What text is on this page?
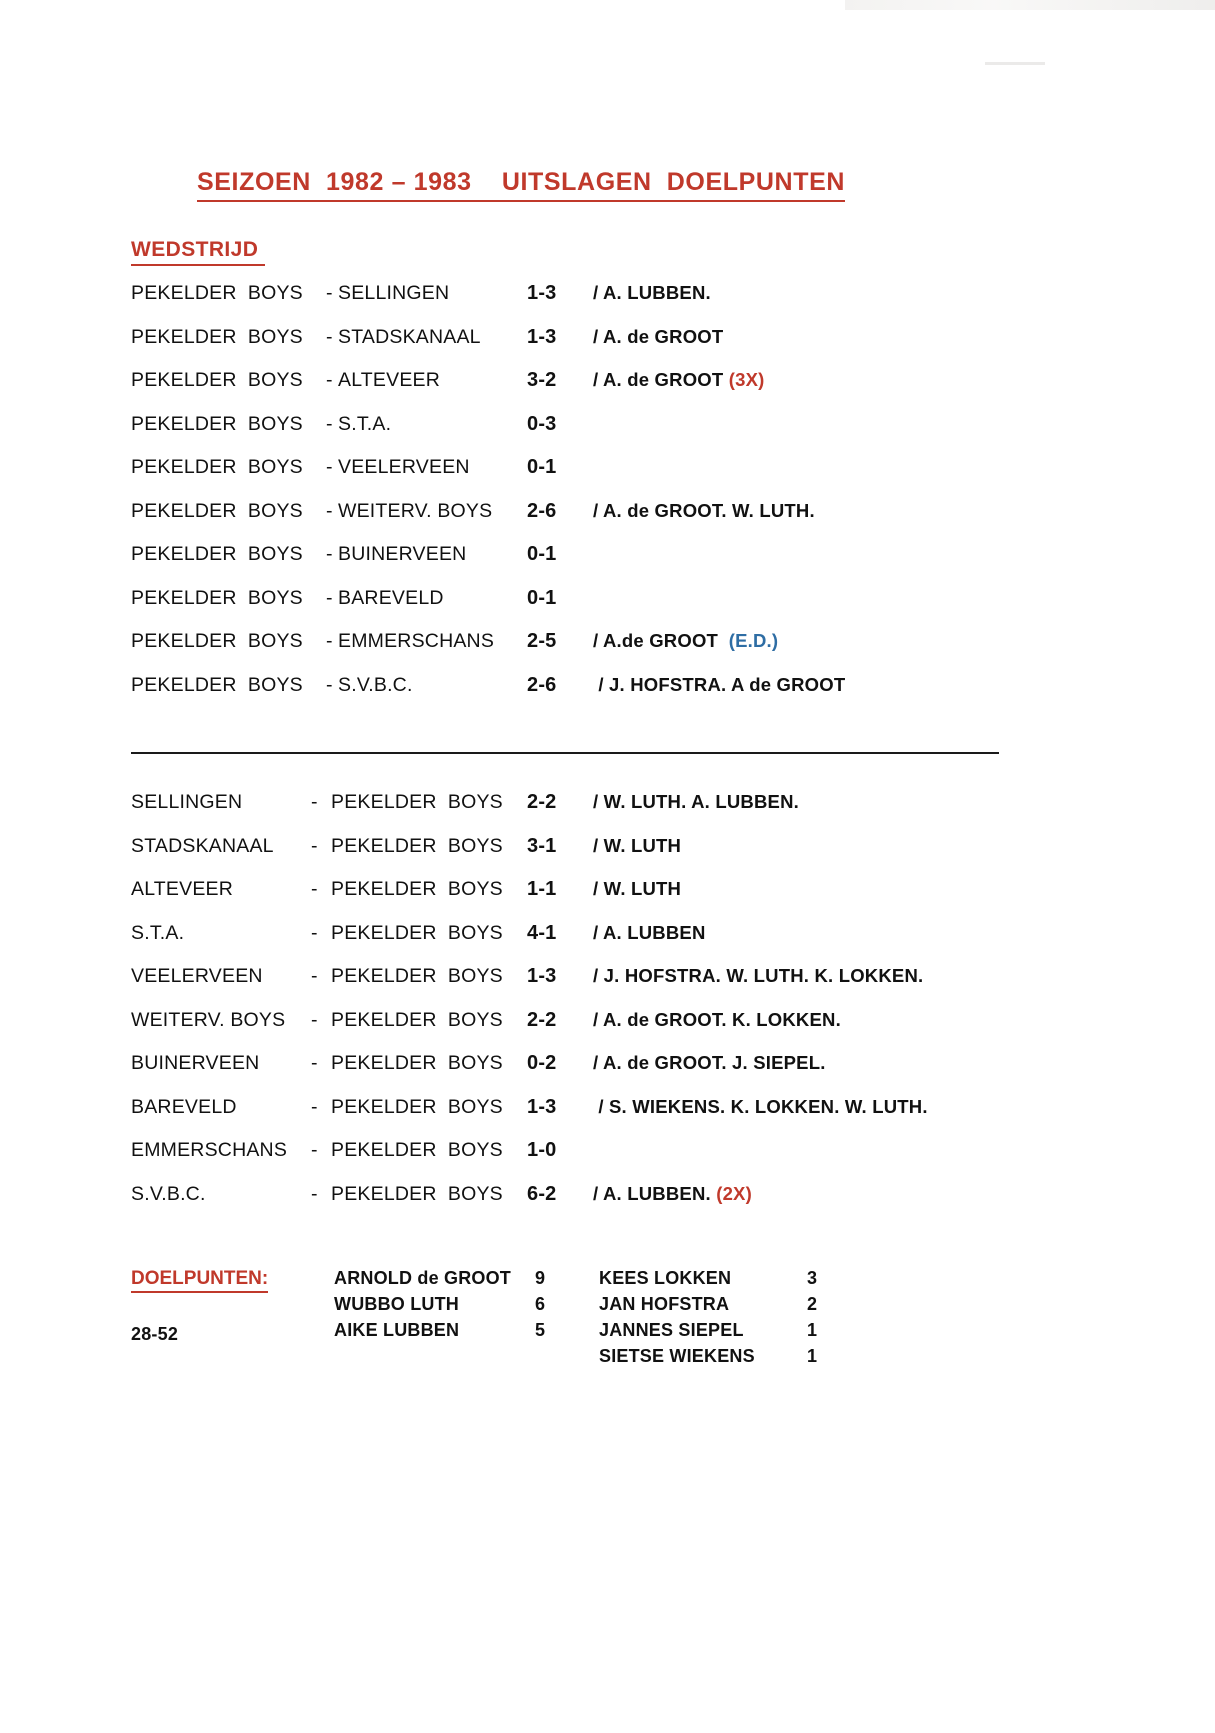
SEIZOEN  1982 – 1983    UITSLAGEN  DOELPUNTEN
WEDSTRIJD
PEKELDER  BOYS - SELLINGEN	1-3 / A. LUBBEN.
PEKELDER  BOYS - STADSKANAAL 1-3 / A. de GROOT
PEKELDER  BOYS - ALTEVEER	3-2 / A. de GROOT (3X)
PEKELDER  BOYS - S.T.A.	0-3
PEKELDER  BOYS - VEELERVEEN	0-1
PEKELDER  BOYS - WEITERV. BOYS 2-6 / A. de GROOT. W. LUTH.
PEKELDER  BOYS - BUINERVEEN	0-1
PEKELDER  BOYS - BAREVELD	0-1
PEKELDER  BOYS - EMMERSCHANS 2-5 / A.de GROOT  (E.D.)
PEKELDER  BOYS - S.V.B.C.	2-6 / J. HOFSTRA. A de GROOT
SELLINGEN	- PEKELDER  BOYS 2-2 / W. LUTH. A. LUBBEN.
STADSKANAAL - PEKELDER  BOYS 3-1 / W. LUTH
ALTEVEER	- PEKELDER  BOYS 1-1 / W. LUTH
S.T.A.	- PEKELDER  BOYS 4-1 / A. LUBBEN
VEELERVEEN - PEKELDER  BOYS 1-3 / J. HOFSTRA. W. LUTH. K. LOKKEN.
WEITERV. BOYS - PEKELDER  BOYS 2-2 / A. de GROOT. K. LOKKEN.
BUINERVEEN	- PEKELDER  BOYS 0-2 / A. de GROOT. J. SIEPEL.
BAREVELD	- PEKELDER  BOYS 1-3 / S. WIEKENS. K. LOKKEN. W. LUTH.
EMMERSCHANS - PEKELDER  BOYS 1-0
S.V.B.C.	- PEKELDER  BOYS 6-2 / A. LUBBEN. (2X)
DOELPUNTEN:
28-52
ARNOLD de GROOT 9
WUBBO LUTH	6
AIKE LUBBEN	5
KEES LOKKEN	3
JAN HOFSTRA	2
JANNES SIEPEL	1
SIETSE WIEKENS	1
